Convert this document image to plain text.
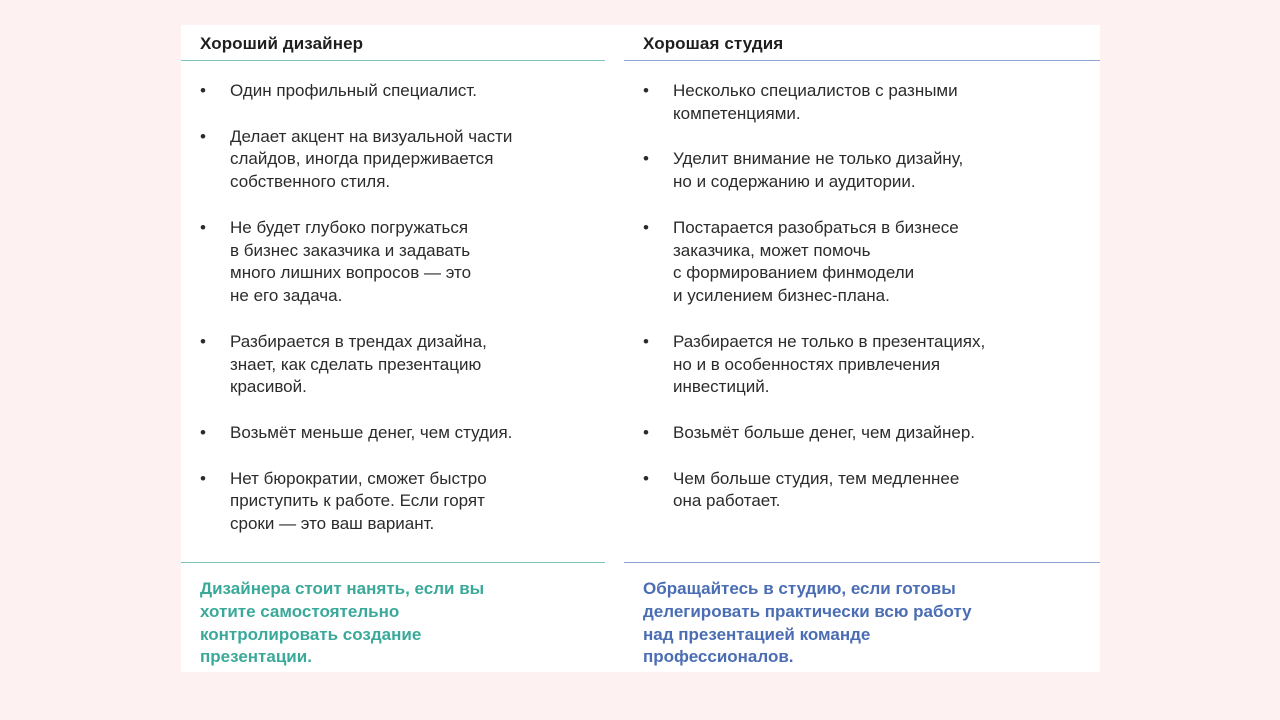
Хороший дизайнер
• Один профильный специалист.
• Делает акцент на визуальной части
слайдов, иногда придерживается
собственного стиля.
• Не будет глубоко погружаться
в бизнес заказчика и задавать
много лишних вопросов — это
не его задача.
• Разбирается в трендах дизайна,
знает, как сделать презентацию
красивой.
• Возьмёт меньше денег, чем студия.
• Нет бюрократии, сможет быстро
приступить к работе. Если горят
сроки — это ваш вариант.

Дизайнера стоит нанять, если вы
хотите самостоятельно
контролировать создание
презентации.

Хорошая студия
• Несколько специалистов с разными
компетенциями.
• Уделит внимание не только дизайну,
но и содержанию и аудитории.
• Постарается разобраться в бизнесе
заказчика, может помочь
с формированием финмодели
и усилением бизнес-плана.
• Разбирается не только в презентациях,
но и в особенностях привлечения
инвестиций.
• Возьмёт больше денег, чем дизайнер.
• Чем больше студия, тем медленнее
она работает.

Обращайтесь в студию, если готовы
делегировать практически всю работу
над презентацией команде
профессионалов.
